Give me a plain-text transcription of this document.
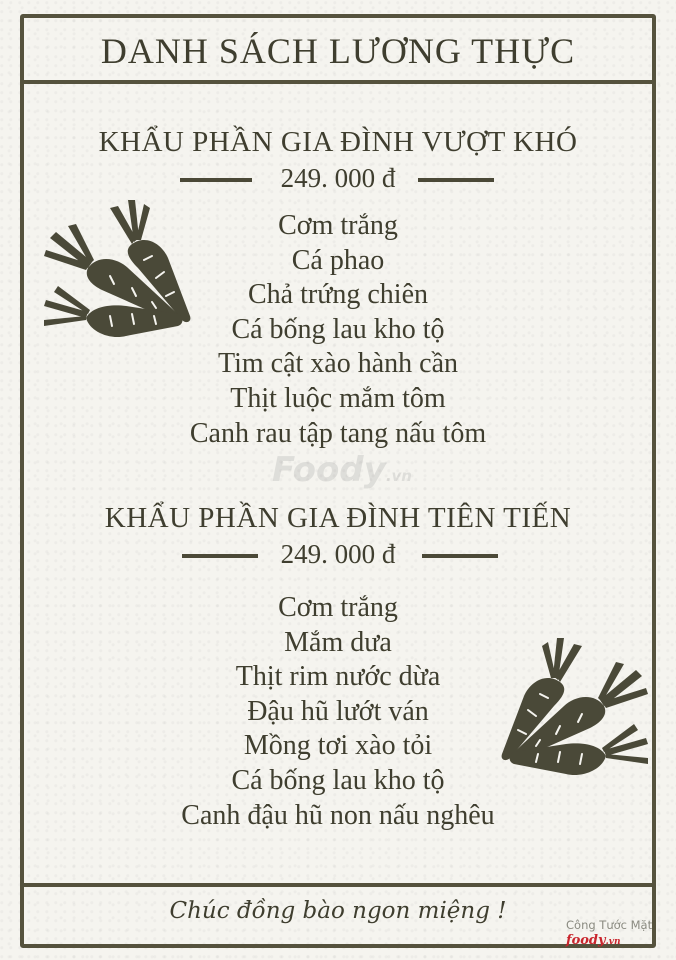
DANH SÁCH LƯƠNG THỰC
Foody.vn
KHẨU PHẦN GIA ĐÌNH VƯỢT KHÓ
249. 000 đ
Cơm trắng
Cá phao
Chả trứng chiên
Cá bống lau kho tộ
Tim cật xào hành cần
Thịt luộc mắm tôm
Canh rau tập tang nấu tôm
KHẨU PHẦN GIA ĐÌNH TIÊN TIẾN
249. 000 đ
Cơm trắng
Mắm dưa
Thịt rim nước dừa
Đậu hũ lướt ván
Mồng tơi xào tỏi
Cá bống lau kho tộ
Canh đậu hũ non nấu nghêu
Chúc đồng bào ngon miệng !
Công Tước Mặt
foody.vn
